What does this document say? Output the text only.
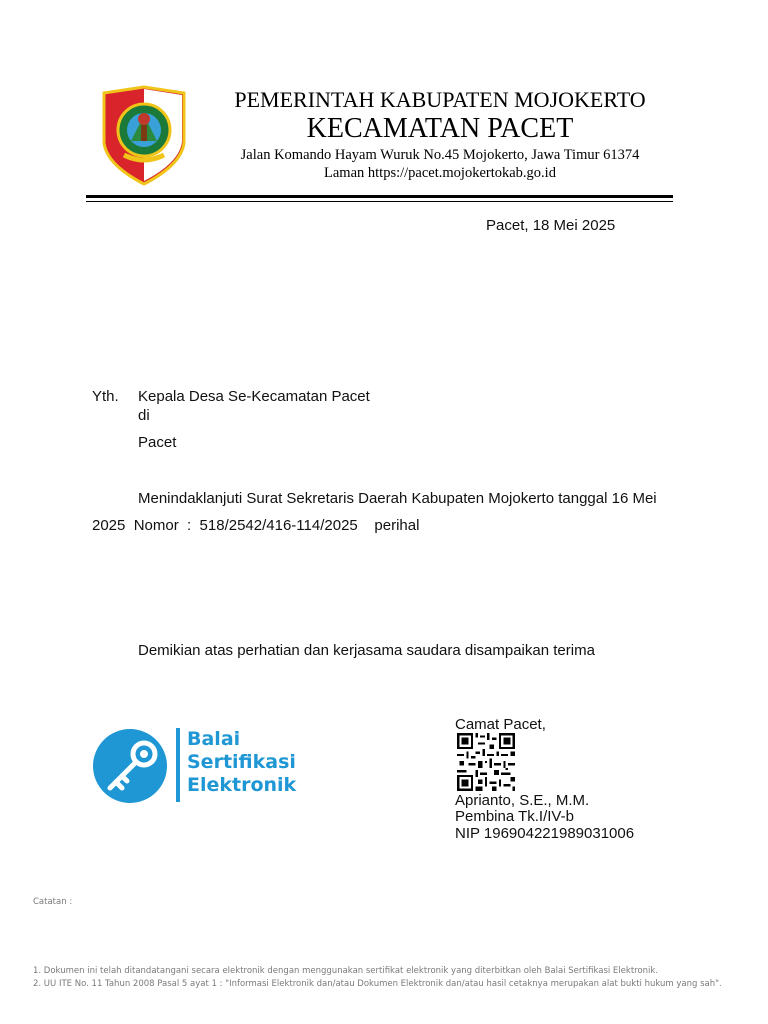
PEMERINTAH KABUPATEN MOJOKERTO
KECAMATAN PACET
Jalan Komando Hayam Wuruk No.45 Mojokerto, Jawa Timur 61374
Laman https://pacet.mojokertokab.go.id
Pacet, 18 Mei 2025
Yth. Kepala Desa Se-Kecamatan Pacet
di
Pacet
Menindaklanjuti Surat Sekretaris Daerah Kabupaten Mojokerto tanggal 16 Mei
2025  Nomor  :  518/2542/416-114/2025    perihal
Demikian atas perhatian dan kerjasama saudara disampaikan terima
Balai
Sertifikasi
Elektronik
Camat Pacet,
Aprianto, S.E., M.M.
Pembina Tk.I/IV-b
NIP 196904221989031006
Catatan :
1. Dokumen ini telah ditandatangani secara elektronik dengan menggunakan sertifikat elektronik yang diterbitkan oleh Balai Sertifikasi Elektronik.
2. UU ITE No. 11 Tahun 2008 Pasal 5 ayat 1 : "Informasi Elektronik dan/atau Dokumen Elektronik dan/atau hasil cetaknya merupakan alat bukti hukum yang sah".
